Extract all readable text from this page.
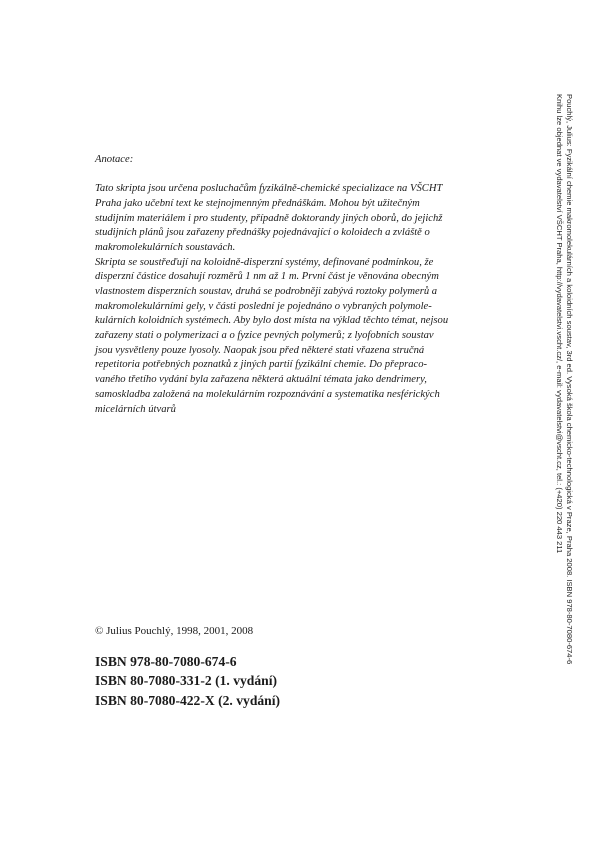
Pouchlý, Julius: Fyzikální chemie makromolekulárních a koloidních soustav, 3rd ed. Vysoká škola chemicko-technologická v Praze, Praha 2008. ISBN 978-80-7080-674-6
Knihu lze objednat ve vydavatelství VŠCHT Praha, http://vydavatelstvi.vscht.cz/, e-mail: vydavatelstvi@vscht.cz, tel.: (+420) 220 443 211
Anotace:
Tato skripta jsou určena posluchačům fyzikálně-chemické specializace na VŠCHT
Praha jako učební text ke stejnojmenným přednáškám. Mohou být užitečným
studijním materiálem i pro studenty, případně doktorandy jiných oborů, do jejichž
studijních plánů jsou zařazeny přednášky pojednávající o koloidech a zvláště o
makromolekulárních soustavách.
Skripta se soustřeďují na koloidně-disperzní systémy, definované podmínkou, že
disperzní částice dosahují rozměrů 1 nm až 1 m. První část je věnována obecným
vlastnostem disperzních soustav, druhá se podrobněji zabývá roztoky polymerů a
makromolekulárními gely, v části poslední je pojednáno o vybraných polymole-
kulárních koloidních systémech. Aby bylo dost místa na výklad těchto témat, nejsou
zařazeny stati o polymerizaci a o fyzice pevných polymerů; z lyofobních soustav
jsou vysvětleny pouze lyosoly. Naopak jsou před některé stati vřazena stručná
repetitoria potřebných poznatků z jiných partií fyzikální chemie. Do přepraco-
vaného třetího vydání byla zařazena některá aktuální témata jako dendrimery,
samoskladba založená na molekulárním rozpoznávání a systematika nesférických
micelárních útvarů
© Julius Pouchlý, 1998, 2001, 2008
ISBN 978-80-7080-674-6
ISBN 80-7080-331-2 (1. vydání)
ISBN 80-7080-422-X (2. vydání)
